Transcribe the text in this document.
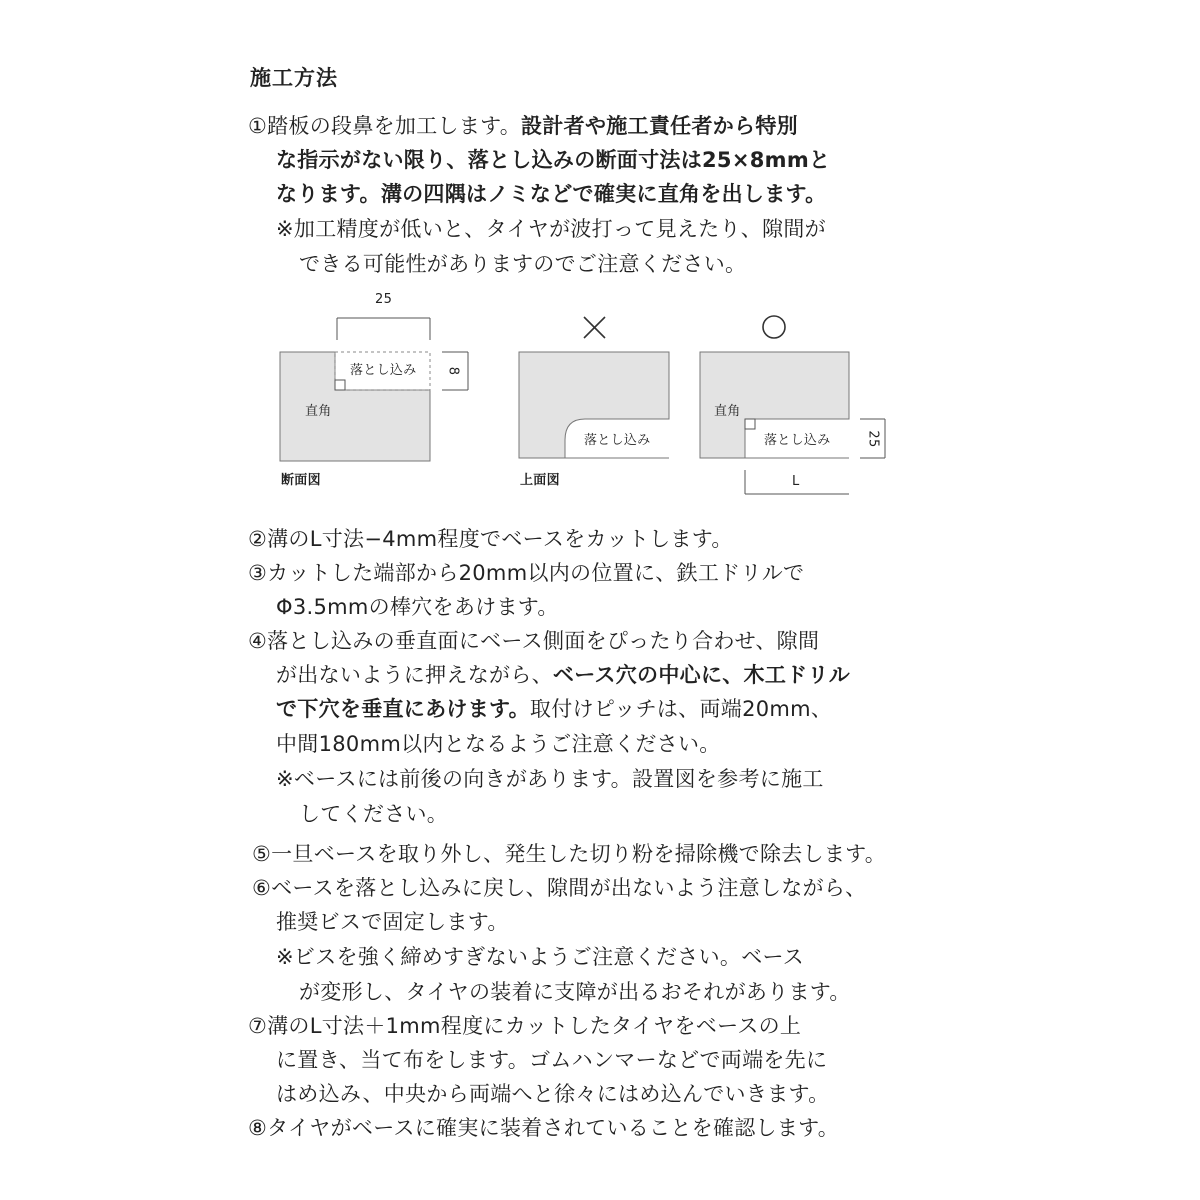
施工方法
①踏板の段鼻を加工します。設計者や施工責任者から特別
な指示がない限り、落とし込みの断面寸法は25×8mmと
なります。溝の四隅はノミなどで確実に直角を出します。
※加工精度が低いと、タイヤが波打って見えたり、隙間が
できる可能性がありますのでご注意ください。
25
8
落とし込み
直角
断面図
落とし込み
上面図
直角
落とし込み	25
L
②溝のL寸法−4mm程度でベースをカットします。
③カットした端部から20mm以内の位置に、鉄工ドリルで
Φ3.5mmの棒穴をあけます。
④落とし込みの垂直面にベース側面をぴったり合わせ、隙間
が出ないように押えながら、ベース穴の中心に、木工ドリル
で下穴を垂直にあけます。取付けピッチは、両端20mm、
中間180mm以内となるようご注意ください。
※ベースには前後の向きがあります。設置図を参考に施工
してください。
⑤一旦ベースを取り外し、発生した切り粉を掃除機で除去します。
⑥ベースを落とし込みに戻し、隙間が出ないよう注意しながら、
推奨ビスで固定します。
※ビスを強く締めすぎないようご注意ください。ベース
が変形し、タイヤの装着に支障が出るおそれがあります。
⑦溝のL寸法＋1mm程度にカットしたタイヤをベースの上
に置き、当て布をします。ゴムハンマーなどで両端を先に
はめ込み、中央から両端へと徐々にはめ込んでいきます。
⑧タイヤがベースに確実に装着されていることを確認します。
